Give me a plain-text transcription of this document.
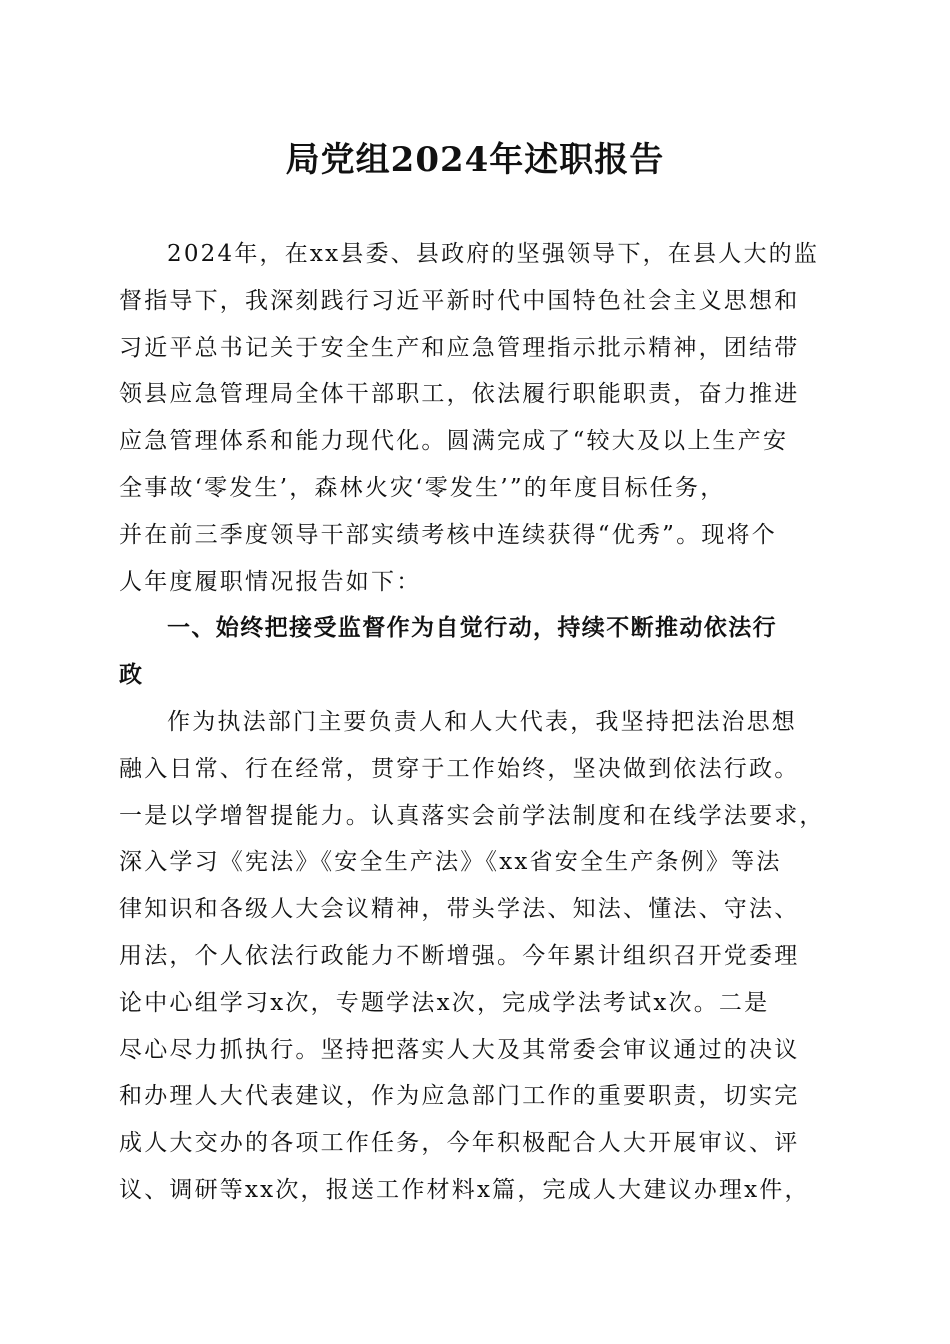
局党组2024年述职报告
2024年，在xx县委、县政府的坚强领导下，在县人大的监
督指导下，我深刻践行习近平新时代中国特色社会主义思想和
习近平总书记关于安全生产和应急管理指示批示精神，团结带
领县应急管理局全体干部职工，依法履行职能职责，奋力推进
应急管理体系和能力现代化。圆满完成了“较大及以上生产安
全事故‘零发生’，森林火灾‘零发生’”的年度目标任务，
并在前三季度领导干部实绩考核中连续获得“优秀”。现将个
人年度履职情况报告如下：
一、始终把接受监督作为自觉行动，持续不断推动依法行
政
作为执法部门主要负责人和人大代表，我坚持把法治思想
融入日常、行在经常，贯穿于工作始终，坚决做到依法行政。
一是以学增智提能力。认真落实会前学法制度和在线学法要求，
深入学习《宪法》《安全生产法》《xx省安全生产条例》等法
律知识和各级人大会议精神，带头学法、知法、懂法、守法、
用法，个人依法行政能力不断增强。今年累计组织召开党委理
论中心组学习x次，专题学法x次，完成学法考试x次。二是
尽心尽力抓执行。坚持把落实人大及其常委会审议通过的决议
和办理人大代表建议，作为应急部门工作的重要职责，切实完
成人大交办的各项工作任务，今年积极配合人大开展审议、评
议、调研等xx次，报送工作材料x篇，完成人大建议办理x件，
